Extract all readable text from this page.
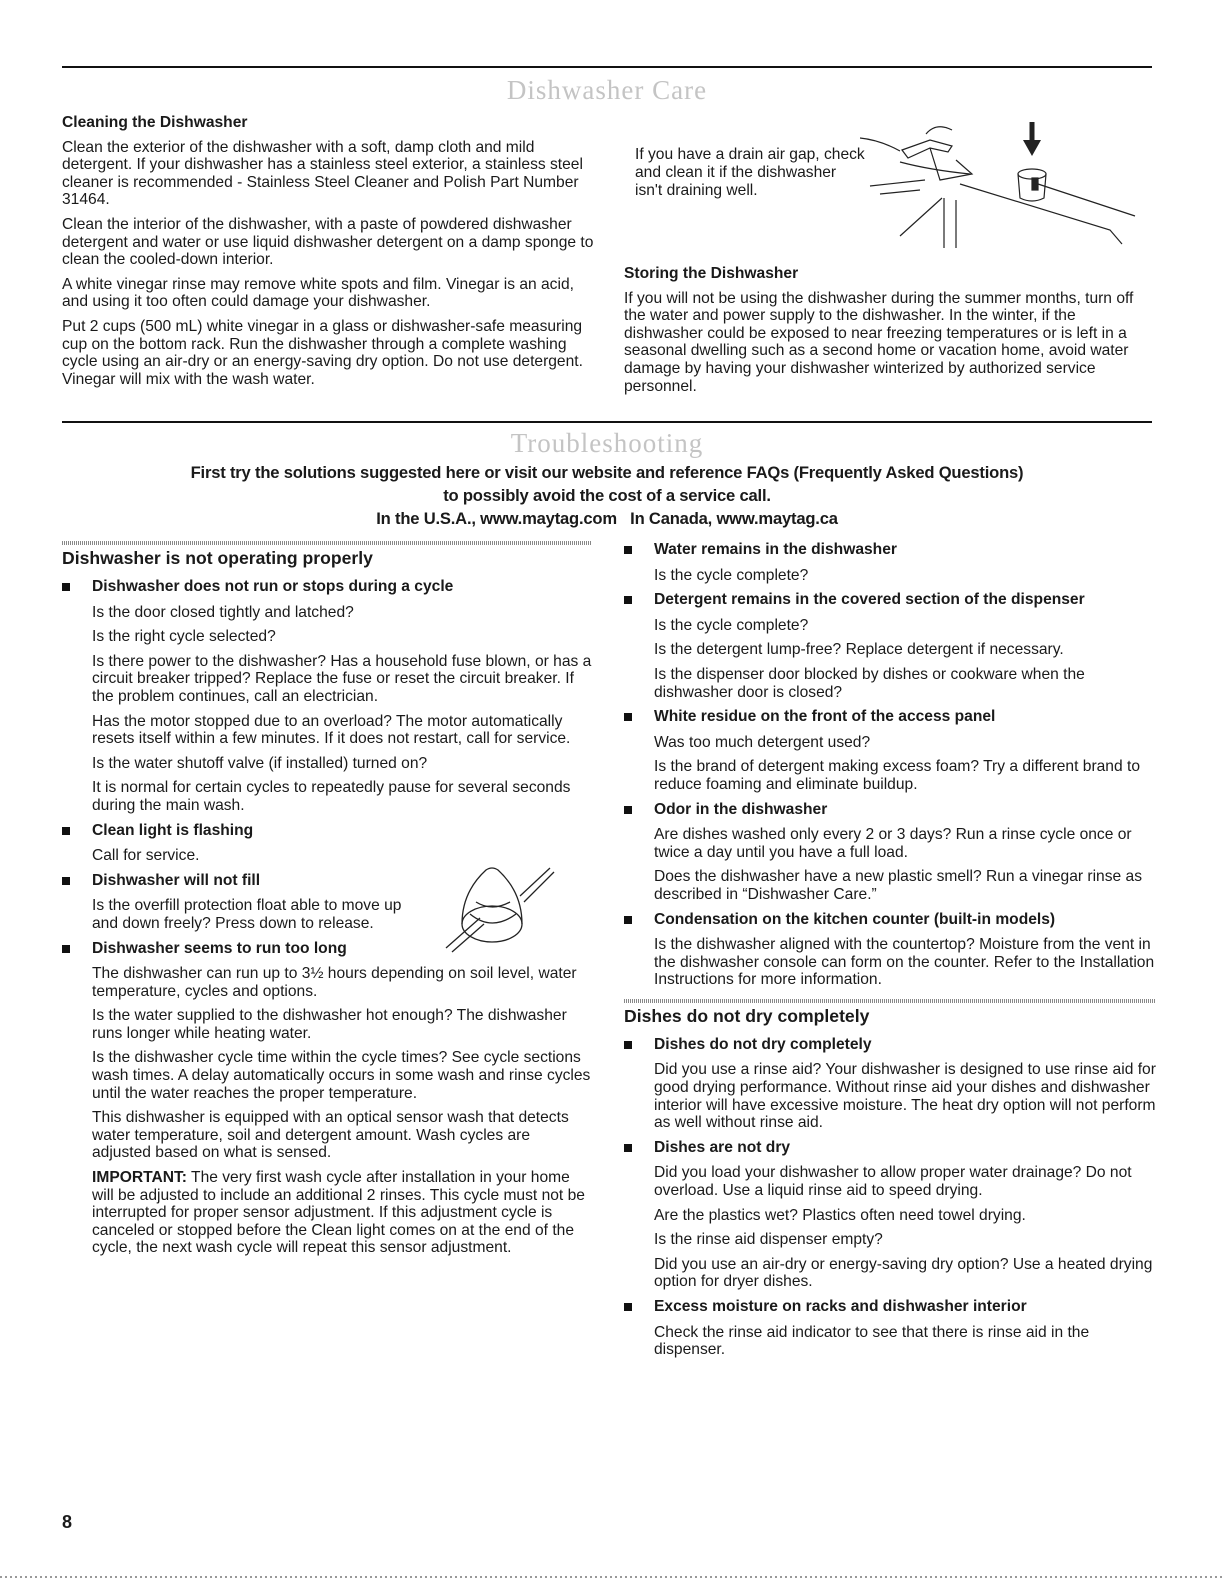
Dishwasher Care

Cleaning the Dishwasher

Clean the exterior of the dishwasher with a soft, damp cloth and mild detergent. If your dishwasher has a stainless steel exterior, a stainless steel cleaner is recommended - Stainless Steel Cleaner and Polish Part Number 31464.

Clean the interior of the dishwasher, with a paste of powdered dishwasher detergent and water or use liquid dishwasher detergent on a damp sponge to clean the cooled-down interior.

A white vinegar rinse may remove white spots and film. Vinegar is an acid, and using it too often could damage your dishwasher.

Put 2 cups (500 mL) white vinegar in a glass or dishwasher-safe measuring cup on the bottom rack. Run the dishwasher through a complete washing cycle using an air-dry or an energy-saving dry option. Do not use detergent. Vinegar will mix with the wash water.

If you have a drain air gap, check and clean it if the dishwasher isn't draining well.

Storing the Dishwasher

If you will not be using the dishwasher during the summer months, turn off the water and power supply to the dishwasher. In the winter, if the dishwasher could be exposed to near freezing temperatures or is left in a seasonal dwelling such as a second home or vacation home, avoid water damage by having your dishwasher winterized by authorized service personnel.

Troubleshooting
First try the solutions suggested here or visit our website and reference FAQs (Frequently Asked Questions)
to possibly avoid the cost of a service call.
In the U.S.A., www.maytag.com   In Canada, www.maytag.ca
Dishwasher is not operating properly
Dishwasher does not run or stops during a cycle

Is the door closed tightly and latched?

Is the right cycle selected?

Is there power to the dishwasher? Has a household fuse blown, or has a circuit breaker tripped? Replace the fuse or reset the circuit breaker. If the problem continues, call an electrician.

Has the motor stopped due to an overload? The motor automatically resets itself within a few minutes. If it does not restart, call for service.

Is the water shutoff valve (if installed) turned on?

It is normal for certain cycles to repeatedly pause for several seconds during the main wash.

Clean light is flashing

Call for service.

Dishwasher will not fill

Is the overfill protection float able to move up and down freely? Press down to release.

Dishwasher seems to run too long

The dishwasher can run up to 3½ hours depending on soil level, water temperature, cycles and options.

Is the water supplied to the dishwasher hot enough? The dishwasher runs longer while heating water.

Is the dishwasher cycle time within the cycle times? See cycle sections wash times. A delay automatically occurs in some wash and rinse cycles until the water reaches the proper temperature.

This dishwasher is equipped with an optical sensor wash that detects water temperature, soil and detergent amount. Wash cycles are adjusted based on what is sensed.

IMPORTANT: The very first wash cycle after installation in your home will be adjusted to include an additional 2 rinses. This cycle must not be interrupted for proper sensor adjustment. If this adjustment cycle is canceled or stopped before the Clean light comes on at the end of the cycle, the next wash cycle will repeat this sensor adjustment.

Water remains in the dishwasher

Is the cycle complete?

Detergent remains in the covered section of the dispenser

Is the cycle complete?

Is the detergent lump-free? Replace detergent if necessary.

Is the dispenser door blocked by dishes or cookware when the dishwasher door is closed?

White residue on the front of the access panel

Was too much detergent used?

Is the brand of detergent making excess foam? Try a different brand to reduce foaming and eliminate buildup.

Odor in the dishwasher

Are dishes washed only every 2 or 3 days? Run a rinse cycle once or twice a day until you have a full load.

Does the dishwasher have a new plastic smell? Run a vinegar rinse as described in “Dishwasher Care.”

Condensation on the kitchen counter (built-in models)

Is the dishwasher aligned with the countertop? Moisture from the vent in the dishwasher console can form on the counter. Refer to the Installation Instructions for more information.

Dishes do not dry completely
Dishes do not dry completely

Did you use a rinse aid? Your dishwasher is designed to use rinse aid for good drying performance. Without rinse aid your dishes and dishwasher interior will have excessive moisture. The heat dry option will not perform as well without rinse aid.

Dishes are not dry

Did you load your dishwasher to allow proper water drainage? Do not overload. Use a liquid rinse aid to speed drying.

Are the plastics wet? Plastics often need towel drying.

Is the rinse aid dispenser empty?

Did you use an air-dry or energy-saving dry option? Use a heated drying option for dryer dishes.

Excess moisture on racks and dishwasher interior

Check the rinse aid indicator to see that there is rinse aid in the dispenser.

8
